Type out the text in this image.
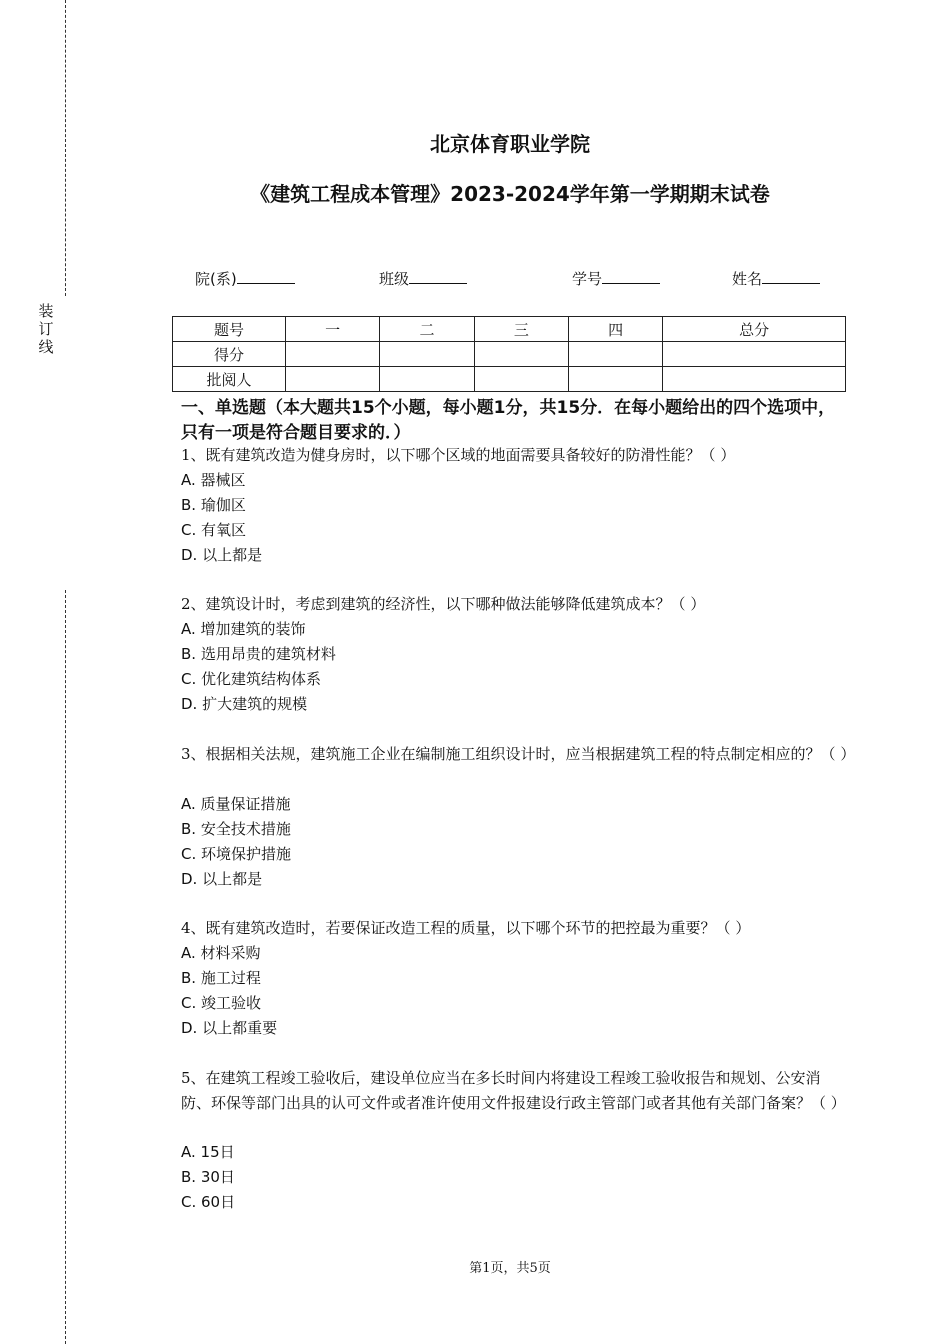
装
订
线
北京体育职业学院
《建筑工程成本管理》2023-2024学年第一学期期末试卷
院(系)	班级	学号	姓名
题号	一	二	三	四	总分
得分					
批阅人					
一、单选题（本大题共15个小题，每小题1分，共15分．在每小题给出的四个选项中，只有一项是符合题目要求的．）
1、既有建筑改造为健身房时，以下哪个区域的地面需要具备较好的防滑性能？（ ）
A. 器械区
B. 瑜伽区
C. 有氧区
D. 以上都是
2、建筑设计时，考虑到建筑的经济性，以下哪种做法能够降低建筑成本？（ ）
A. 增加建筑的装饰
B. 选用昂贵的建筑材料
C. 优化建筑结构体系
D. 扩大建筑的规模
3、根据相关法规，建筑施工企业在编制施工组织设计时，应当根据建筑工程的特点制定相应的？（ ）
A. 质量保证措施
B. 安全技术措施
C. 环境保护措施
D. 以上都是
4、既有建筑改造时，若要保证改造工程的质量，以下哪个环节的把控最为重要？（ ）
A. 材料采购
B. 施工过程
C. 竣工验收
D. 以上都重要
5、在建筑工程竣工验收后，建设单位应当在多长时间内将建设工程竣工验收报告和规划、公安消防、环保等部门出具的认可文件或者准许使用文件报建设行政主管部门或者其他有关部门备案？（ ）
A. 15日
B. 30日
C. 60日
第1页，共5页
